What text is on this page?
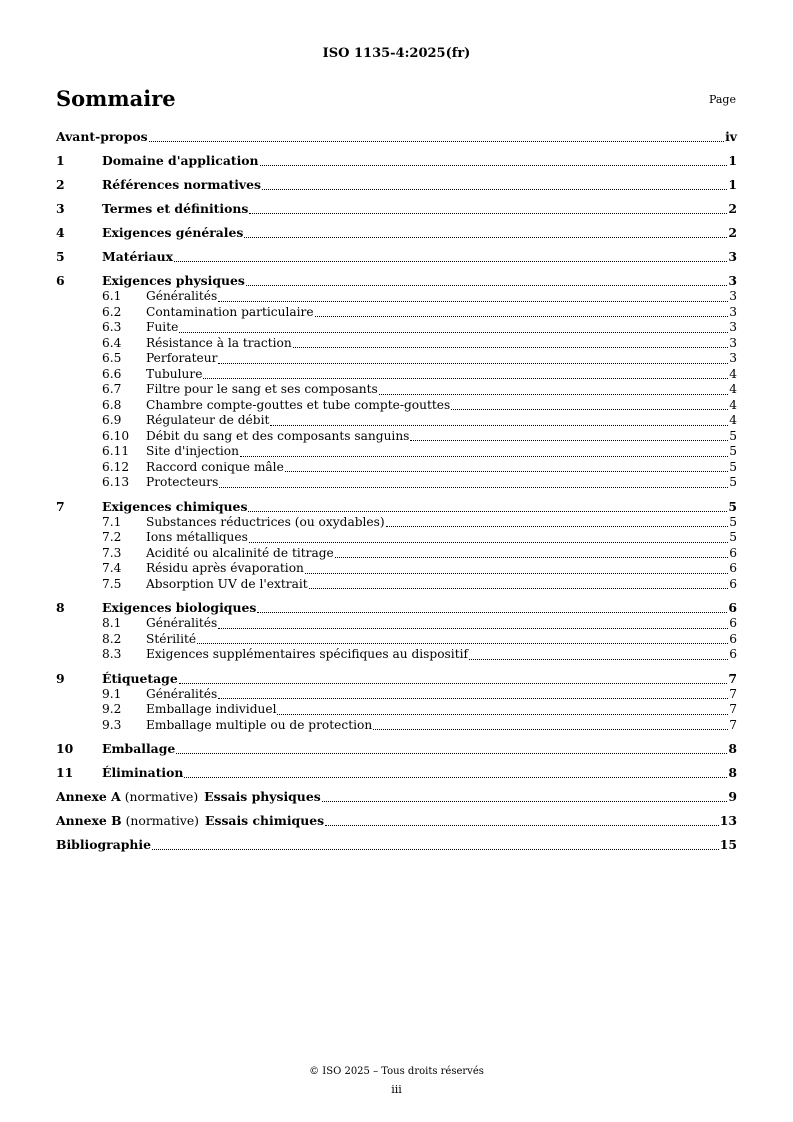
ISO 1135-4:2025(fr)
Sommaire	Page
Avant-propos	iv
1	Domaine d'application	1
2	Références normatives	1
3	Termes et définitions	2
4	Exigences générales	2
5	Matériaux	3
6	Exigences physiques	3
6.1	Généralités	3
6.2	Contamination particulaire	3
6.3	Fuite	3
6.4	Résistance à la traction	3
6.5	Perforateur	3
6.6	Tubulure	4
6.7	Filtre pour le sang et ses composants	4
6.8	Chambre compte-gouttes et tube compte-gouttes	4
6.9	Régulateur de débit	4
6.10	Débit du sang et des composants sanguins	5
6.11	Site d'injection	5
6.12	Raccord conique mâle	5
6.13	Protecteurs	5
7	Exigences chimiques	5
7.1	Substances réductrices (ou oxydables)	5
7.2	Ions métalliques	5
7.3	Acidité ou alcalinité de titrage	6
7.4	Résidu après évaporation	6
7.5	Absorption UV de l'extrait	6
8	Exigences biologiques	6
8.1	Généralités	6
8.2	Stérilité	6
8.3	Exigences supplémentaires spécifiques au dispositif	6
9	Étiquetage	7
9.1	Généralités	7
9.2	Emballage individuel	7
9.3	Emballage multiple ou de protection	7
10	Emballage	8
11	Élimination	8
Annexe A (normative) Essais physiques	9
Annexe B (normative) Essais chimiques	13
Bibliographie	15
© ISO 2025 – Tous droits réservés
iii
